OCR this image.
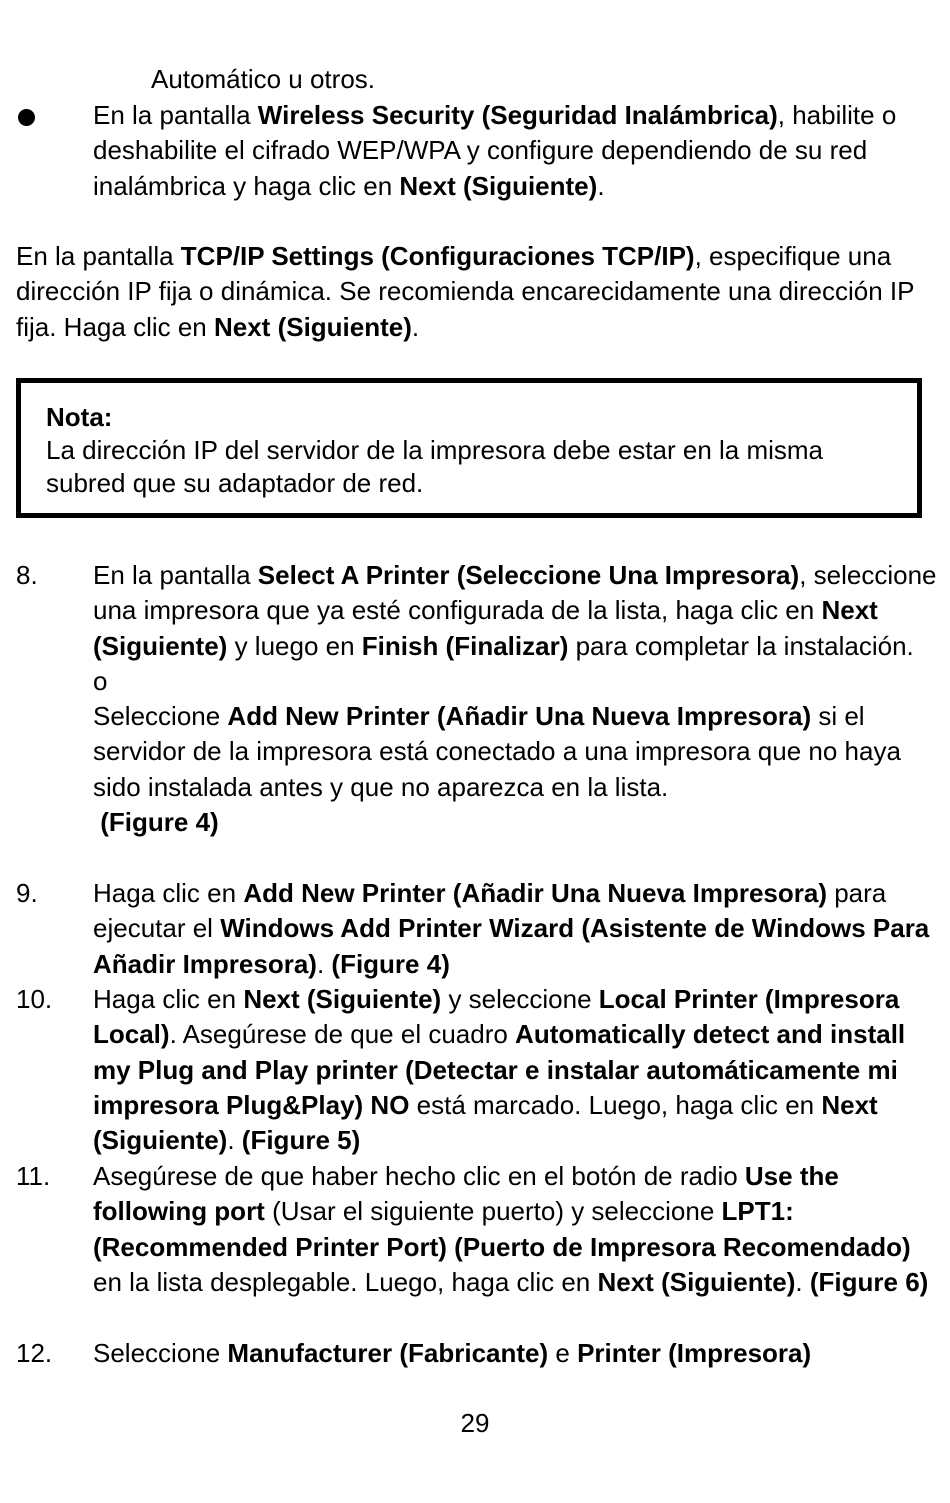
Automático u otros.

En la pantalla Wireless Security (Seguridad Inalámbrica), habilite o deshabilite el cifrado WEP/WPA y configure dependiendo de su red inalámbrica y haga clic en Next (Siguiente).

En la pantalla TCP/IP Settings (Configuraciones TCP/IP), especifique una dirección IP fija o dinámica. Se recomienda encarecidamente una dirección IP fija. Haga clic en Next (Siguiente).

Nota:
La dirección IP del servidor de la impresora debe estar en la misma subred que su adaptador de red.
8. En la pantalla Select A Printer (Seleccione Una Impresora), seleccione una impresora que ya esté configurada de la lista, haga clic en Next (Siguiente) y luego en Finish (Finalizar) para completar la instalación.
o
Seleccione Add New Printer (Añadir Una Nueva Impresora) si el servidor de la impresora está conectado a una impresora que no haya sido instalada antes y que no aparezca en la lista.
(Figure 4)

9. Haga clic en Add New Printer (Añadir Una Nueva Impresora) para ejecutar el Windows Add Printer Wizard (Asistente de Windows Para Añadir Impresora). (Figure 4)

10. Haga clic en Next (Siguiente) y seleccione Local Printer (Impresora Local). Asegúrese de que el cuadro Automatically detect and install my Plug and Play printer (Detectar e instalar automáticamente mi impresora Plug&Play) NO está marcado. Luego, haga clic en Next (Siguiente). (Figure 5)

11. Asegúrese de que haber hecho clic en el botón de radio Use the following port (Usar el siguiente puerto) y seleccione LPT1: (Recommended Printer Port) (Puerto de Impresora Recomendado) en la lista desplegable. Luego, haga clic en Next (Siguiente). (Figure 6)

12. Seleccione Manufacturer (Fabricante) e Printer (Impresora)

29
